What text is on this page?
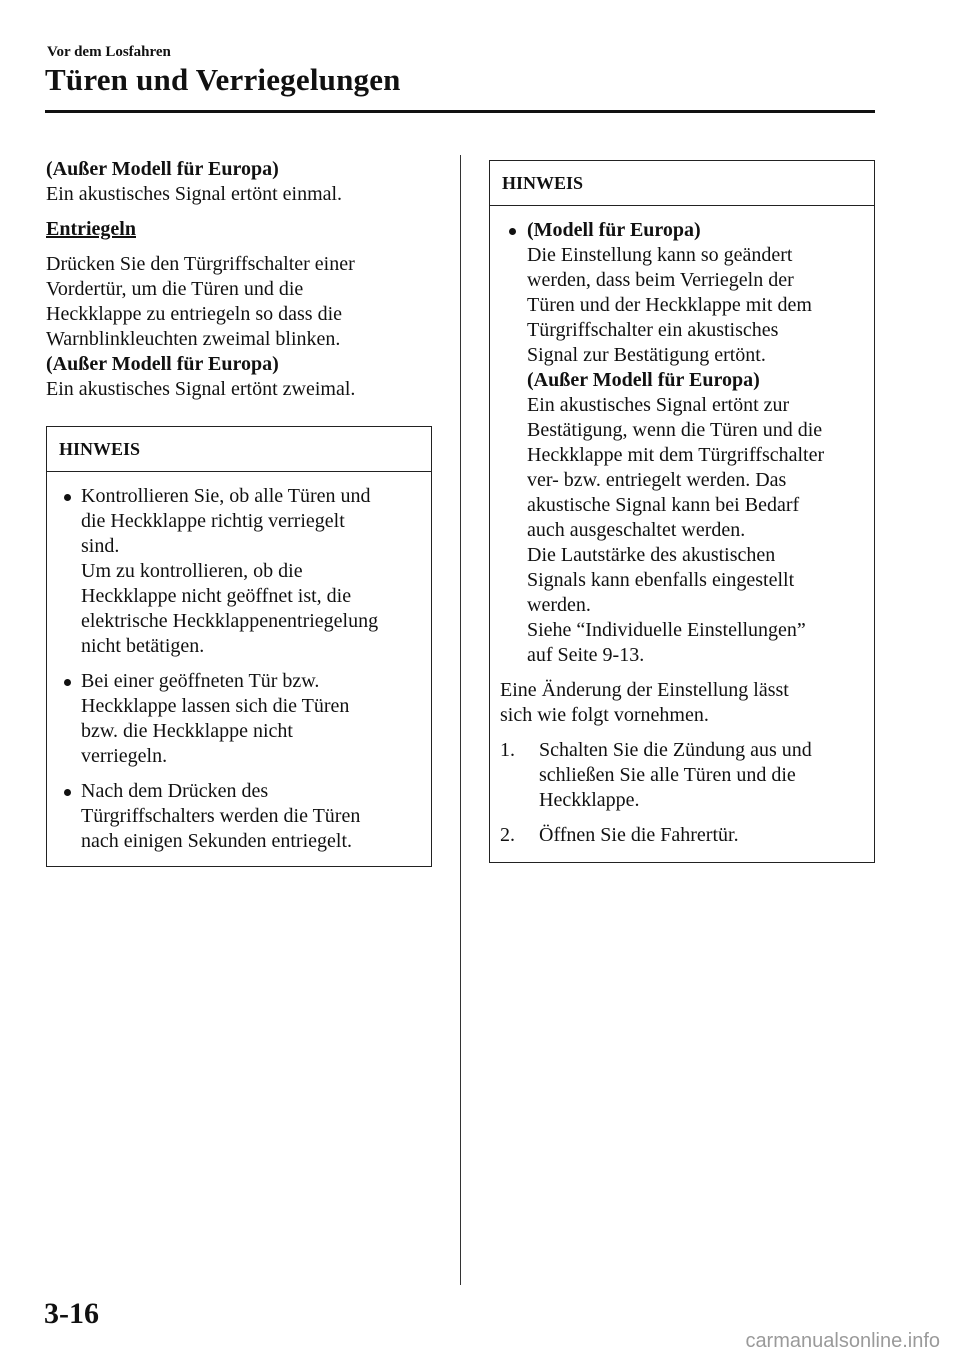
Vor dem Losfahren
Türen und Verriegelungen
(Außer Modell für Europa)
Ein akustisches Signal ertönt einmal.
Entriegeln
Drücken Sie den Türgriffschalter einer
Vordertür, um die Türen und die
Heckklappe zu entriegeln so dass die
Warnblinkleuchten zweimal blinken.
(Außer Modell für Europa)
Ein akustisches Signal ertönt zweimal.
HINWEIS
Kontrollieren Sie, ob alle Türen und
die Heckklappe richtig verriegelt
sind.
Um zu kontrollieren, ob die
Heckklappe nicht geöffnet ist, die
elektrische Heckklappenentriegelung
nicht betätigen.
Bei einer geöffneten Tür bzw.
Heckklappe lassen sich die Türen
bzw. die Heckklappe nicht
verriegeln.
Nach dem Drücken des
Türgriffschalters werden die Türen
nach einigen Sekunden entriegelt.
HINWEIS
(Modell für Europa)
Die Einstellung kann so geändert
werden, dass beim Verriegeln der
Türen und der Heckklappe mit dem
Türgriffschalter ein akustisches
Signal zur Bestätigung ertönt.
(Außer Modell für Europa)
Ein akustisches Signal ertönt zur
Bestätigung, wenn die Türen und die
Heckklappe mit dem Türgriffschalter
ver- bzw. entriegelt werden. Das
akustische Signal kann bei Bedarf
auch ausgeschaltet werden.
Die Lautstärke des akustischen
Signals kann ebenfalls eingestellt
werden.
Siehe “Individuelle Einstellungen”
auf Seite 9-13.
Eine Änderung der Einstellung lässt
sich wie folgt vornehmen.
1. Schalten Sie die Zündung aus und
schließen Sie alle Türen und die
Heckklappe.
2. Öffnen Sie die Fahrertür.
3-16
carmanualsonline.info
